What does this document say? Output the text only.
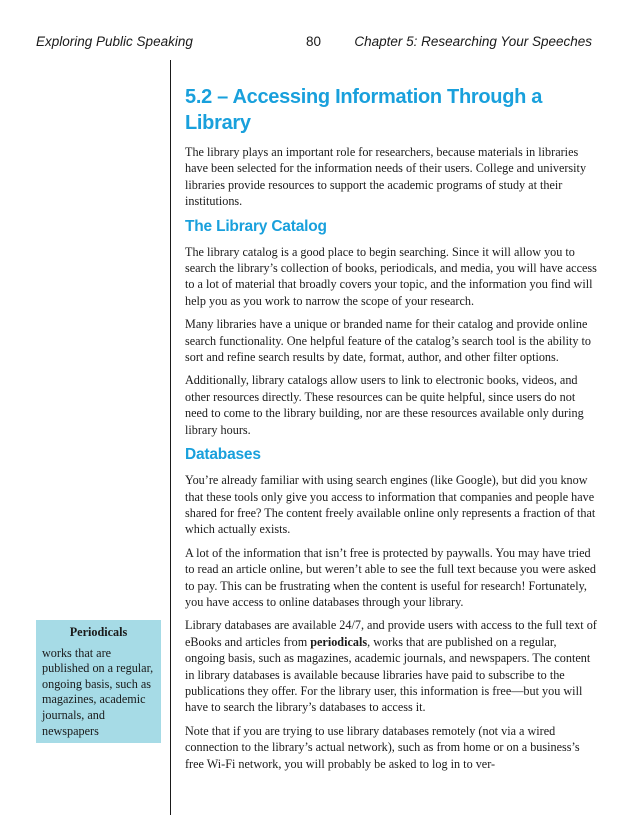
Exploring Public Speaking	80 Chapter 5: Researching Your Speeches
5.2 – Accessing Information Through a Library

The library plays an important role for researchers, because materials in libraries have been selected for the information needs of their users. College and university libraries provide resources to support the academic programs of study at their institutions.

The Library Catalog

The library catalog is a good place to begin searching. Since it will allow you to search the library’s collection of books, periodicals, and media, you will have access to a lot of material that broadly covers your topic, and the information you find will help you as you work to narrow the scope of your research.

Many libraries have a unique or branded name for their catalog and provide online search functionality. One helpful feature of the catalog’s search tool is the ability to sort and refine search results by date, format, author, and other filter options.

Additionally, library catalogs allow users to link to electronic books, videos, and other resources directly. These resources can be quite helpful, since users do not need to come to the library building, nor are these resources available only during library hours.

Databases

You’re already familiar with using search engines (like Google), but did you know that these tools only give you access to information that companies and people have shared for free? The content freely available online only represents a fraction of that which actually exists.

A lot of the information that isn’t free is protected by paywalls. You may have tried to read an article online, but weren’t able to see the full text because you were asked to pay. This can be frustrating when the content is useful for research! Fortunately, you have access to online databases through your library.

Library databases are available 24/7, and provide users with access to the full text of eBooks and articles from periodicals, works that are published on a regular, ongoing basis, such as magazines, academic journals, and newspapers. The content in library databases is available because libraries have paid to subscribe to the publications they offer. For the library user, this information is free—but you will have to search the library’s databases to access it.

Note that if you are trying to use library databases remotely (not via a wired connection to the library’s actual network), such as from home or on a business’s free Wi-Fi network, you will probably be asked to log in to ver-

Periodicals
works that are published on a regular, ongoing basis, such as magazines, academic journals, and newspapers
